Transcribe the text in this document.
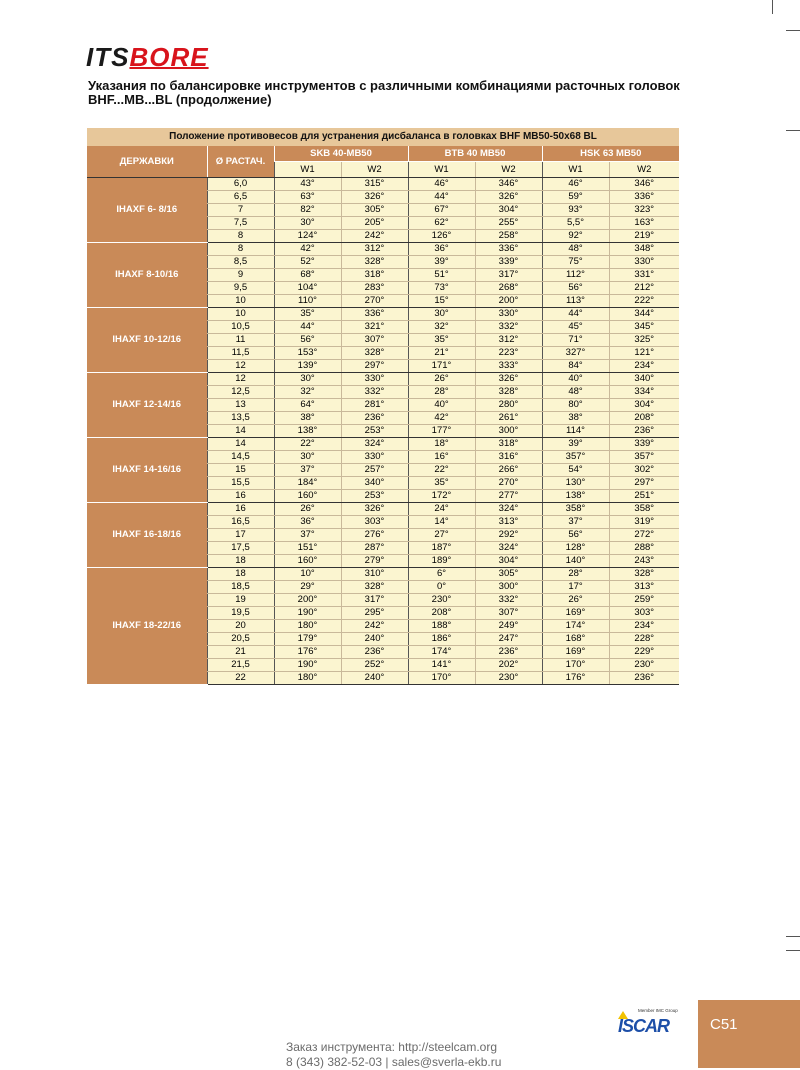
ITSBORE
Указания по балансировке инструментов с различными комбинациями расточных головок BHF...MB...BL (продолжение)
Положение противовесов для устранения дисбаланса в головках BHF MB50-50x68 BL							
ДЕРЖАВКИ	Ø РАСТАЧ.	SKB 40-MB50		BTB 40 MB50		HSK 63 MB50	
		W1	W2	W1	W2	W1	W2
IHAXF 6- 8/16	6,0	43°	315°	46°	346°	46°	346°
	6,5	63°	326°	44°	326°	59°	336°
	7	82°	305°	67°	304°	93°	323°
	7,5	30°	205°	62°	255°	5,5°	163°
	8	124°	242°	126°	258°	92°	219°
IHAXF 8-10/16	8	42°	312°	36°	336°	48°	348°
	8,5	52°	328°	39°	339°	75°	330°
	9	68°	318°	51°	317°	112°	331°
	9,5	104°	283°	73°	268°	56°	212°
	10	110°	270°	15°	200°	113°	222°
IHAXF 10-12/16	10	35°	336°	30°	330°	44°	344°
	10,5	44°	321°	32°	332°	45°	345°
	11	56°	307°	35°	312°	71°	325°
	11,5	153°	328°	21°	223°	327°	121°
	12	139°	297°	171°	333°	84°	234°
IHAXF 12-14/16	12	30°	330°	26°	326°	40°	340°
	12,5	32°	332°	28°	328°	48°	334°
	13	64°	281°	40°	280°	80°	304°
	13,5	38°	236°	42°	261°	38°	208°
	14	138°	253°	177°	300°	114°	236°
IHAXF 14-16/16	14	22°	324°	18°	318°	39°	339°
	14,5	30°	330°	16°	316°	357°	357°
	15	37°	257°	22°	266°	54°	302°
	15,5	184°	340°	35°	270°	130°	297°
	16	160°	253°	172°	277°	138°	251°
IHAXF 16-18/16	16	26°	326°	24°	324°	358°	358°
	16,5	36°	303°	14°	313°	37°	319°
	17	37°	276°	27°	292°	56°	272°
	17,5	151°	287°	187°	324°	128°	288°
	18	160°	279°	189°	304°	140°	243°
IHAXF 18-22/16	18	10°	310°	6°	305°	28°	328°
	18,5	29°	328°	0°	300°	17°	313°
	19	200°	317°	230°	332°	26°	259°
	19,5	190°	295°	208°	307°	169°	303°
	20	180°	242°	188°	249°	174°	234°
	20,5	179°	240°	186°	247°	168°	228°
	21	176°	236°	174°	236°	169°	229°
	21,5	190°	252°	141°	202°	170°	230°
	22	180°	240°	170°	230°	176°	236°
Member IMC Group
ISCAR	C51
Заказ инструмента: http://steelcam.org
8 (343) 382-52-03 | sales@sverla-ekb.ru
